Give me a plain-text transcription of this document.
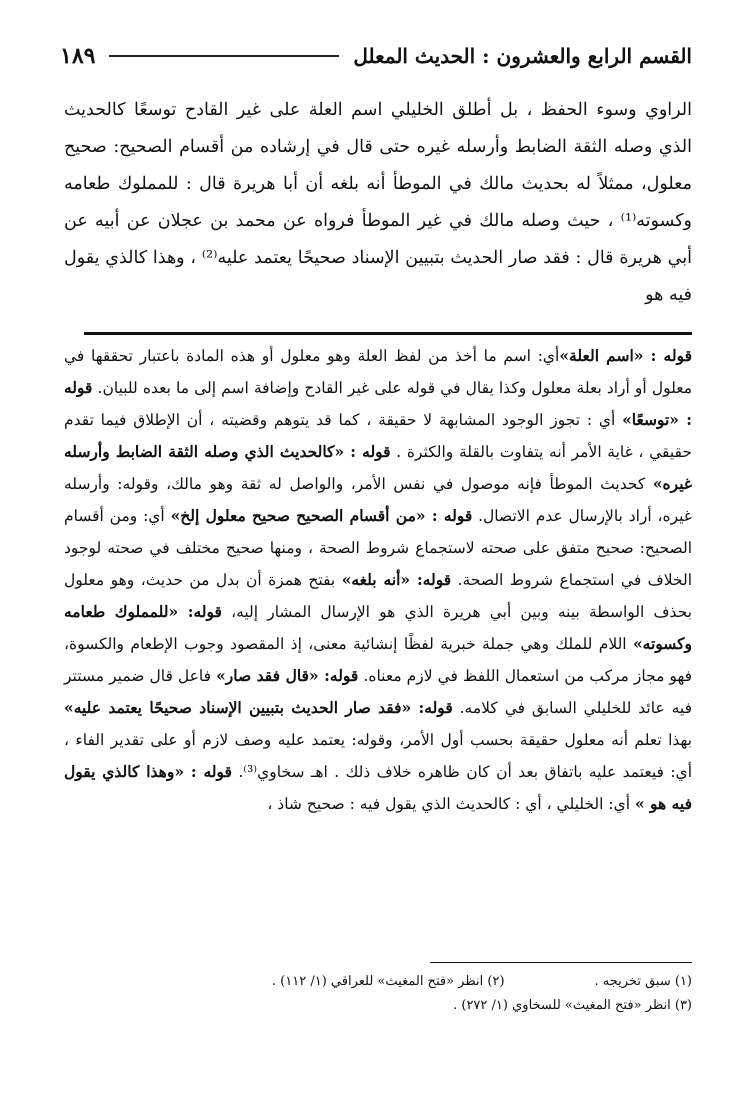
١٨٩	القسم الرابع والعشرون : الحديث المعلل

الراوي وسوء الحفظ ، بل أطلق الخليلي اسم العلة على غير القادح توسعًا كالحديث الذي وصله الثقة الضابط وأرسله غيره حتى قال في إرشاده من أقسام الصحيح: صحيح معلول، ممثلاً له بحديث مالك في الموطأ أنه بلغه أن أبا هريرة قال : للمملوك طعامه وكسوته⁽¹⁾ ، حيث وصله مالك في غير الموطأ فرواه عن محمد بن عجلان عن أبيه عن أبي هريرة قال : فقد صار الحديث بتبيين الإسناد صحيحًا يعتمد عليه⁽²⁾ ، وهذا كالذي يقول فيه هو

قوله : «اسم العلة»أي: اسم ما أخذ من لفظ العلة وهو معلول أو هذه المادة باعتبار تحققها في معلول أو أراد بعلة معلول وكذا يقال في قوله على غير القادح وإضافة اسم إلى ما بعده للبيان. قوله : «توسعًا» أي : تجوز الوجود المشابهة لا حقيقة ، كما قد يتوهم وقضيته ، أن الإطلاق فيما تقدم حقيقي ، غاية الأمر أنه يتفاوت بالقلة والكثرة . قوله : «كالحديث الذي وصله الثقة الضابط وأرسله غيره» كحديث الموطأ فإنه موصول في نفس الأمر، والواصل له ثقة وهو مالك، وقوله: وأرسله غيره، أراد بالإرسال عدم الاتصال. قوله : «من أقسام الصحيح صحيح معلول إلخ» أي: ومن أقسام الصحيح: صحيح متفق على صحته لاستجماع شروط الصحة ، ومنها صحيح مختلف في صحته لوجود الخلاف في استجماع شروط الصحة. قوله: «أنه بلغه» بفتح همزة أن بدل من حديث، وهو معلول بحذف الواسطة بينه وبين أبي هريرة الذي هو الإرسال المشار إليه، قوله: «للمملوك طعامه وكسوته» اللام للملك وهي جملة خبرية لفظًا إنشائية معنى، إذ المقصود وجوب الإطعام والكسوة، فهو مجاز مركب من استعمال اللفظ في لازم معناه. قوله: «قال فقد صار» فاعل قال ضمير مستتر فيه عائد للخليلي السابق في كلامه. قوله: «فقد صار الحديث بتبيين الإسناد صحيحًا يعتمد عليه» بهذا تعلم أنه معلول حقيقة بحسب أول الأمر، وقوله: يعتمد عليه وصف لازم أو على تقدير الفاء ، أي: فيعتمد عليه باتفاق بعد أن كان ظاهره خلاف ذلك . اهـ سخاوي⁽³⁾. قوله : «وهذا كالذي يقول فيه هو » أي: الخليلي ، أي : كالحديث الذي يقول فيه : صحيح شاذ ،

(١) سبق تخريجه .
(٢) انظر «فتح المغيث» للعراقي (١/ ١١٢) .
(٣) انظر «فتح المغيث» للسخاوي (١/ ٢٧٢) .
